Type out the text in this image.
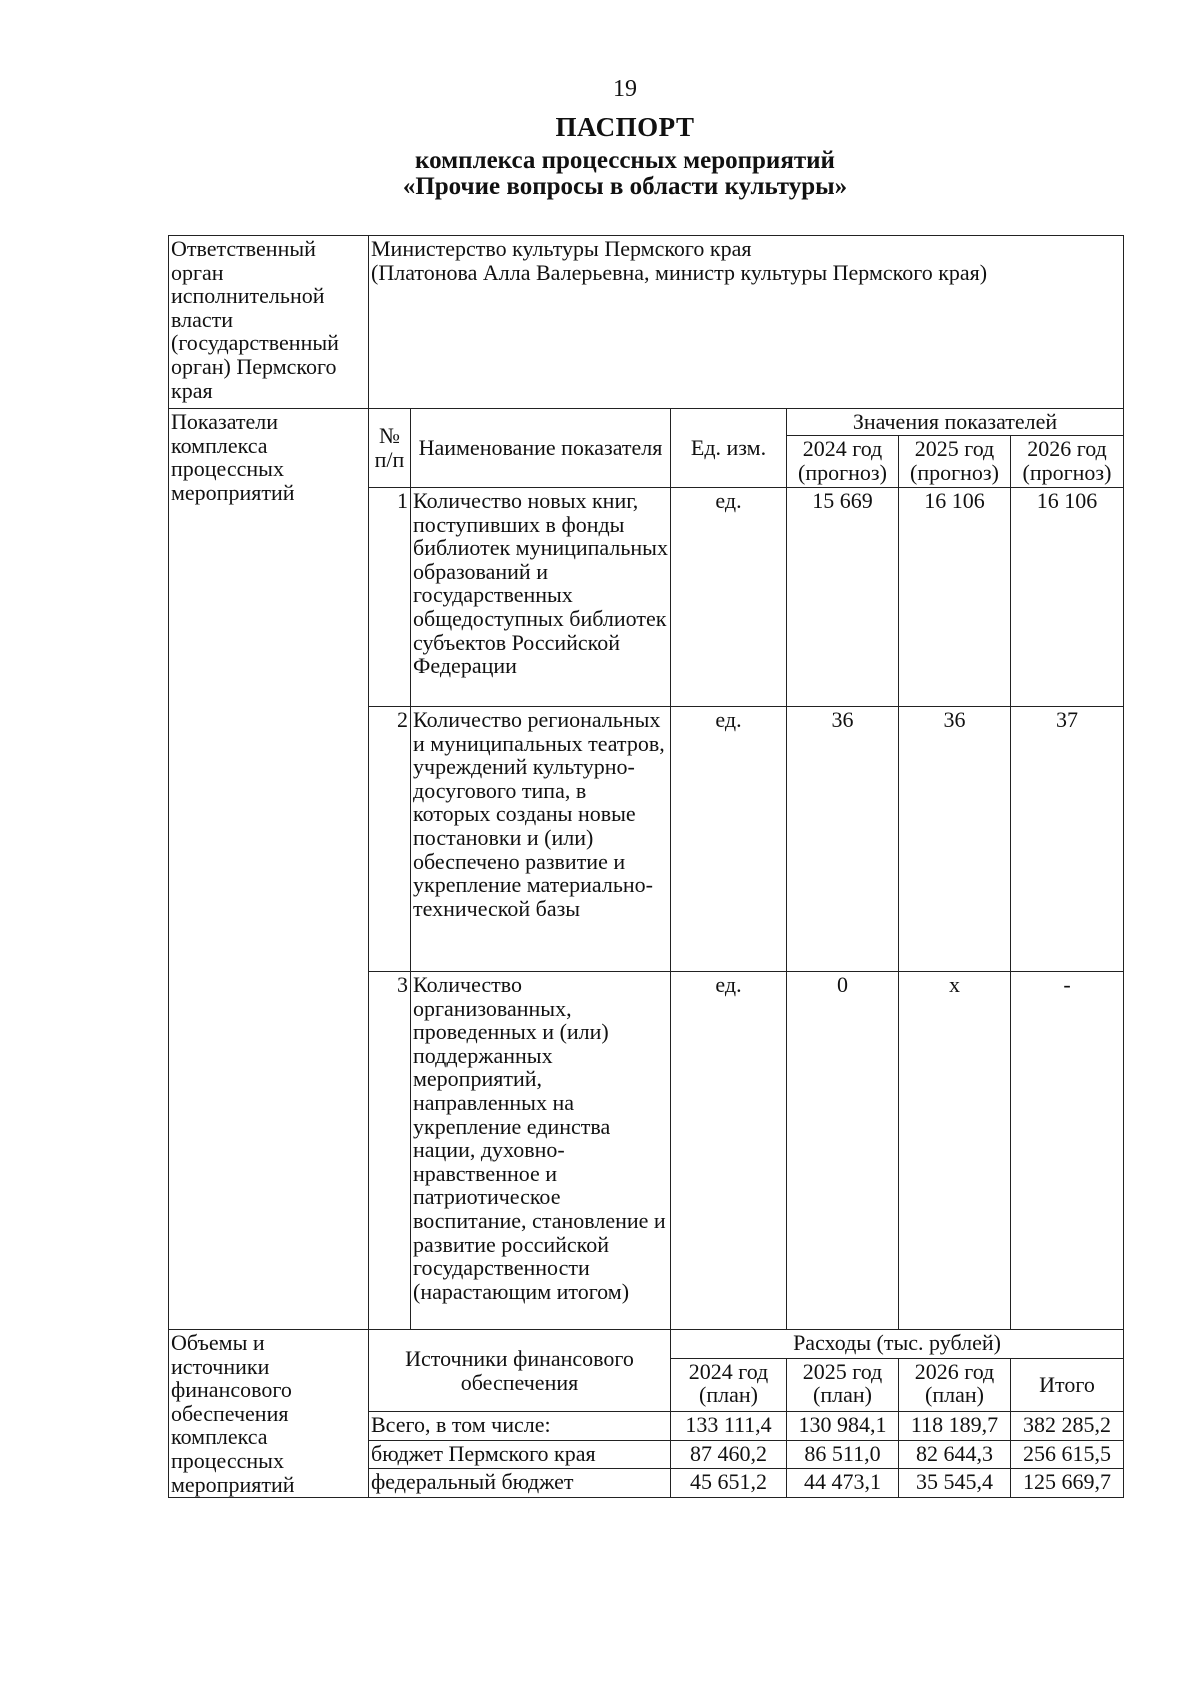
19
ПАСПОРТ
комплекса процессных мероприятий
«Прочие вопросы в области культуры»
Ответственный орган исполнительной власти (государственный орган) Пермского края	Министерство культуры Пермского края
(Платонова Алла Валерьевна, министр культуры Пермского края)					

Показатели комплекса процессных мероприятий	№ п/п	Наименование показателя	Ед. изм.	Значения показателей		
				2024 год (прогноз)	2025 год (прогноз)	2026 год (прогноз)
	1	Количество новых книг, поступивших в фонды библиотек муниципальных образований и государственных общедоступных библиотек субъектов Российской Федерации	ед.	15 669	16 106	16 106
	2	Количество региональных и муниципальных театров, учреждений культурно-досугового типа, в которых созданы новые постановки и (или) обеспечено развитие и укрепление материально-технической базы	ед.	36	36	37
	3	Количество организованных, проведенных и (или) поддержанных мероприятий, направленных на укрепление единства нации, духовно-нравственное и патриотическое воспитание, становление и развитие российской государственности (нарастающим итогом)	ед.	0	х	-
Объемы и источники финансового обеспечения комплекса процессных мероприятий	Источники финансового обеспечения		Расходы (тыс. рублей)			
			2024 год (план)	2025 год (план)	2026 год (план)	Итого
	Всего, в том числе:		133 111,4	130 984,1	118 189,7	382 285,2
	бюджет Пермского края		87 460,2	86 511,0	82 644,3	256 615,5
	федеральный бюджет		45 651,2	44 473,1	35 545,4	125 669,7
